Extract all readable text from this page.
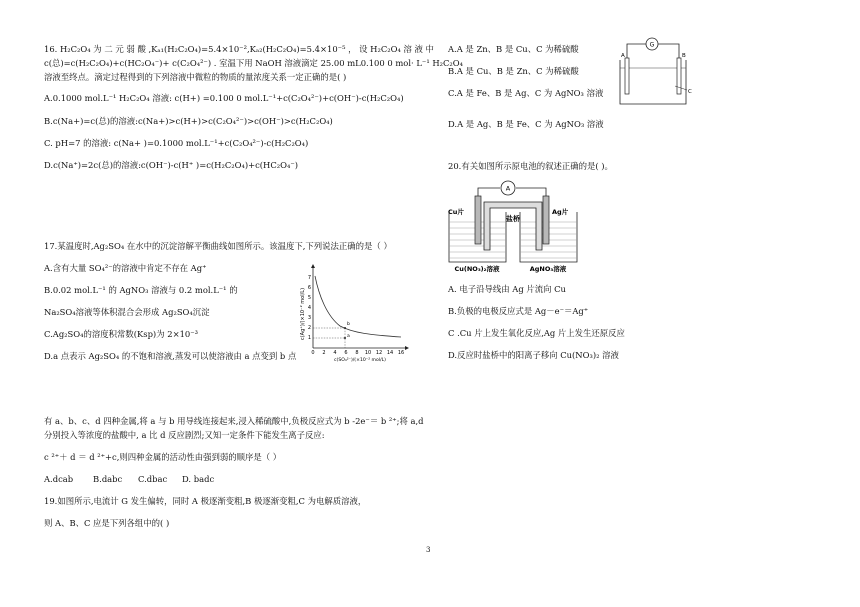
16. H₂C₂O₄ 为 二 元 弱 酸 ,Kₐ₁(H₂C₂O₄)=5.4×10⁻²,Kₐ₂(H₂C₂O₄)=5.4×10⁻⁵ ， 设 H₂C₂O₄ 溶 液 中
c(总)=c(H₂C₂O₄)+c(HC₂O₄⁻)+ c(C₂O₄²⁻) . 室温下用 NaOH 溶液滴定 25.00 mL0.100 0 mol· L⁻¹ H₂C₂O₄
溶液至终点。滴定过程得到的下列溶液中微粒的物质的量浓度关系一定正确的是( )
A.0.1000 mol.L⁻¹ H₂C₂O₄ 溶液: c(H+) =0.100 0 mol.L⁻¹+c(C₂O₄²⁻)+c(OH⁻)-c(H₂C₂O₄)
B.c(Na+)=c(总)的溶液:c(Na+)>c(H+)>c(C₂O₄²⁻)>c(OH⁻)>c(H₂C₂O₄)
C. pH=7 的溶液: c(Na+ )=0.1000 mol.L⁻¹+c(C₂O₄²⁻)-c(H₂C₂O₄)
D.c(Na⁺)=2c(总)的溶液:c(OH⁻)-c(H⁺ )=c(H₂C₂O₄)+c(HC₂O₄⁻)
17.某温度时,Ag₂SO₄ 在水中的沉淀溶解平衡曲线如图所示。该温度下,下列说法正确的是（ ）
A.含有大量 SO₄²⁻的溶液中肯定不存在 Ag⁺
B.0.02 mol.L⁻¹ 的 AgNO₃ 溶液与 0.2 mol.L⁻¹ 的
Na₂SO₄溶液等体积混合会形成 Ag₂SO₄沉淀
C.Ag₂SO₄的溶度积常数(Ksp)为 2×10⁻³
D.a 点表示 Ag₂SO₄ 的不饱和溶液,蒸发可以使溶液由 a 点变到 b 点
c(Ag⁺)/(×10⁻² mol/L) 1
2
3
4
5
6
7
0 2 4 6 8 10 12 14 16
c(SO₄²⁻)/(×10⁻² mol/L)
a
b
有 a、b、c、d 四种金属,将 a 与 b 用导线连接起来,浸入稀硫酸中,负极反应式为 b -2e⁻＝ b ²⁺;将 a,d
分别投入等浓度的盐酸中, a 比 d 反应剧烈;又知一定条件下能发生离子反应:
c ²⁺＋ d ＝ d ²⁺+c,则四种金属的活动性由强到弱的顺序是（ ）
A.dcab B.dabc C.dbac D. badc
19.如图所示,电流计 G 发生偏转，同时 A 极逐渐变粗,B 极逐渐变粗,C 为电解质溶液，
则 A、B、C 应是下列各组中的( )
A.A 是 Zn、B 是 Cu、C 为稀硫酸
B.A 是 Cu、B 是 Zn、C 为稀硫酸
C.A 是 Fe、B 是 Ag、C 为 AgNO₃ 溶液
D.A 是 Ag、B 是 Fe、C 为 AgNO₃ 溶液
G
A	B
C
20.有关如图所示原电池的叙述正确的是( )。
A. 电子沿导线由 Ag 片流向 Cu
B.负极的电极反应式是 Ag－e⁻＝Ag⁺
C .Cu 片上发生氧化反应,Ag 片上发生还原反应
D.反应时盐桥中的阳离子移向 Cu(NO₃)₂ 溶液
A
盐桥
Cu片	Ag片
Cu(NO₃)₂溶液	AgNO₃溶液
3
